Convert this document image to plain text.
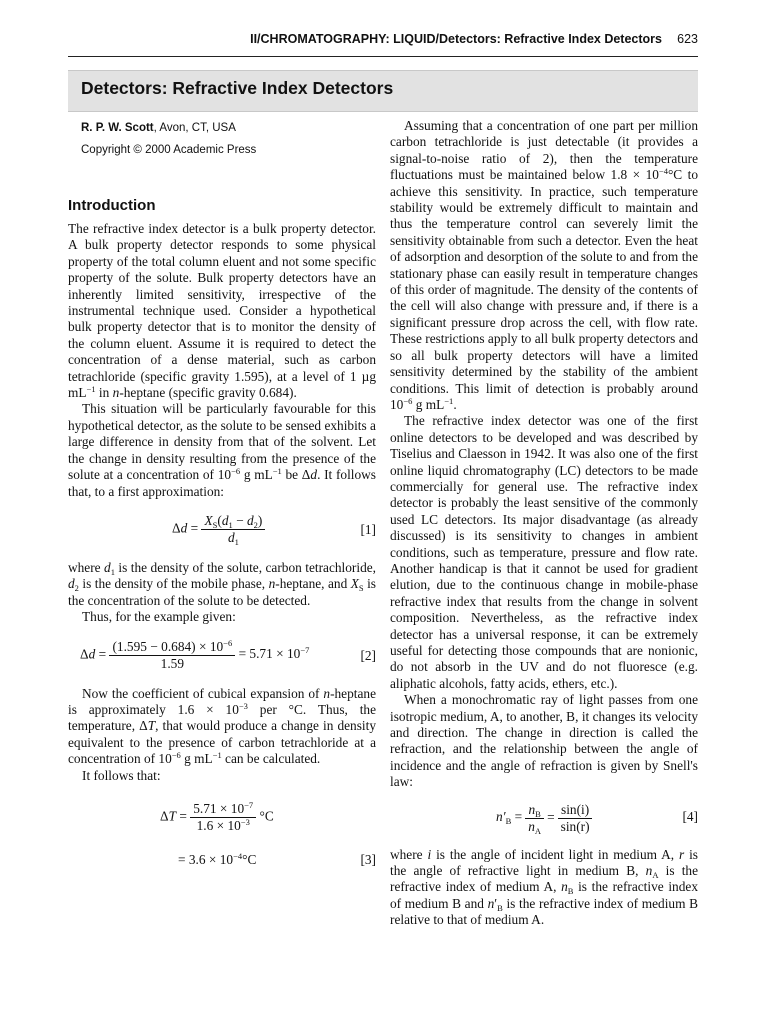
II/CHROMATOGRAPHY: LIQUID/Detectors: Refractive Index Detectors 623
Detectors: Refractive Index Detectors
R. P. W. Scott, Avon, CT, USA
Copyright © 2000 Academic Press
Introduction

The refractive index detector is a bulk property detector. A bulk property detector responds to some physical property of the total column eluent and not some specific property of the solute. Bulk property detectors have an inherently limited sensitivity, irrespective of the instrumental technique used. Consider a hypothetical bulk property detector that is to monitor the density of the column eluent. Assume it is required to detect the concentration of a dense material, such as carbon tetrachloride (specific gravity 1.595), at a level of 1 µg $mL^{-1}$ in n-heptane (specific gravity 0.684).

This situation will be particularly favourable for this hypothetical detector, as the solute to be sensed exhibits a large difference in density from that of the solvent. Let the change in density resulting from the presence of the solute at a concentration of $10^{-6}$ g $mL^{-1}$ be Δd. It follows that, to a first approximation:

$\Delta d = \frac{X_S(d_1 - d_2)}{d_1}$	[1]

where $d_1$ is the density of the solute, carbon tetrachloride, $d_2$ is the density of the mobile phase, n-heptane, and $X_S$ is the concentration of the solute to be detected.

Thus, for the example given:

$\Delta d = \frac{(1.595 - 0.684) \times 10^{-6}}{1.59} = 5.71 \times 10^{-7}$	[2]

Now the coefficient of cubical expansion of n-heptane is approximately $1.6 \times 10^{-3}$ per °C. Thus, the temperature, ΔT, that would produce a change in density equivalent to the presence of carbon tetrachloride at a concentration of $10^{-6}$ g $mL^{-1}$ can be calculated.

It follows that:

$\Delta T = \frac{5.71 \times 10^{-7}}{1.6 \times 10^{-3}} ^\circ C$
= $3.6 \times 10^{-4}^\circ C$	[3]

Assuming that a concentration of one part per million carbon tetrachloride is just detectable (it provides a signal-to-noise ratio of 2), then the temperature fluctuations must be maintained below $1.8 \times 10^{-4}^\circ C$ to achieve this sensitivity. In practice, such temperature stability would be extremely difficult to maintain and thus the temperature control can severely limit the sensitivity obtainable from such a detector. Even the heat of adsorption and desorption of the solute to and from the stationary phase can easily result in temperature changes of this order of magnitude. The density of the contents of the cell will also change with pressure and, if there is a significant pressure drop across the cell, with flow rate. These restrictions apply to all bulk property detectors and so all bulk property detectors will have a limited sensitivity determined by the stability of the ambient conditions. This limit of detection is probably around $10^{-6}$ g $mL^{-1}$.

The refractive index detector was one of the first online detectors to be developed and was described by Tiselius and Claesson in 1942. It was also one of the first online liquid chromatography (LC) detectors to be made commercially for general use. The refractive index detector is probably the least sensitive of the commonly used LC detectors. Its major disadvantage (as already discussed) is its sensitivity to changes in ambient conditions, such as temperature, pressure and flow rate. Another handicap is that it cannot be used for gradient elution, due to the continuous change in mobile-phase refractive index that results from the change in solvent composition. Nevertheless, as the refractive index detector has a universal response, it can be extremely useful for detecting those compounds that are nonionic, do not absorb in the UV and do not fluoresce (e.g. aliphatic alcohols, fatty acids, ethers, etc.).

When a monochromatic ray of light passes from one isotropic medium, A, to another, B, it changes its velocity and direction. The change in direction is called the refraction, and the relationship between the angle of incidence and the angle of refraction is given by Snell's law:

$n'_B = \frac{n_B}{n_A} = \frac{\sin(i)}{\sin(r)}$	[4]

where i is the angle of incident light in medium A, r is the angle of refractive light in medium B, $n_A$ is the refractive index of medium A, $n_B$ is the refractive index of medium B and $n'_B$ is the refractive index of medium B relative to that of medium A.
